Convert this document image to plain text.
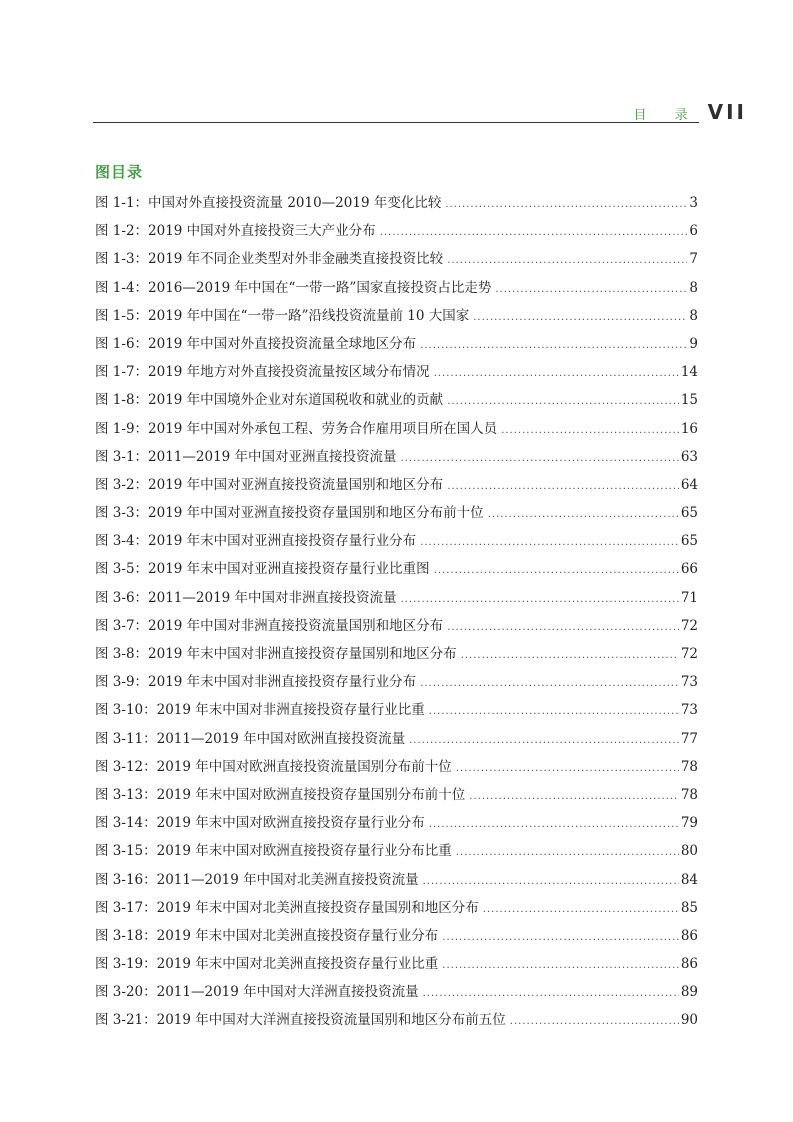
目 录 VII
图目录
图 1-1：中国对外直接投资流量 2010—2019 年变化比较 .....	3
图 1-2：2019 中国对外直接投资三大产业分布 .....	6
图 1-3：2019 年不同企业类型对外非金融类直接投资比较 .....	7
图 1-4：2016—2019 年中国在“一带一路”国家直接投资占比走势 .....	8
图 1-5：2019 年中国在“一带一路”沿线投资流量前 10 大国家 .....	8
图 1-6：2019 年中国对外直接投资流量全球地区分布 .....	9
图 1-7：2019 年地方对外直接投资流量按区域分布情况 .....	14
图 1-8：2019 年中国境外企业对东道国税收和就业的贡献 .....	15
图 1-9：2019 年中国对外承包工程、劳务合作雇用项目所在国人员 .....	16
图 3-1：2011—2019 年中国对亚洲直接投资流量 .....	63
图 3-2：2019 年中国对亚洲直接投资流量国别和地区分布 .....	64
图 3-3：2019 年中国对亚洲直接投资存量国别和地区分布前十位 .....	65
图 3-4：2019 年末中国对亚洲直接投资存量行业分布 .....	65
图 3-5：2019 年末中国对亚洲直接投资存量行业比重图 .....	66
图 3-6：2011—2019 年中国对非洲直接投资流量 .....	71
图 3-7：2019 年中国对非洲直接投资流量国别和地区分布 .....	72
图 3-8：2019 年末中国对非洲直接投资存量国别和地区分布 .....	72
图 3-9：2019 年末中国对非洲直接投资存量行业分布 .....	73
图 3-10：2019 年末中国对非洲直接投资存量行业比重 .....	73
图 3-11：2011—2019 年中国对欧洲直接投资流量 .....	77
图 3-12：2019 年中国对欧洲直接投资流量国别分布前十位 .....	78
图 3-13：2019 年末中国对欧洲直接投资存量国别分布前十位 .....	78
图 3-14：2019 年末中国对欧洲直接投资存量行业分布 .....	79
图 3-15：2019 年末中国对欧洲直接投资存量行业分布比重 .....	80
图 3-16：2011—2019 年中国对北美洲直接投资流量 .....	84
图 3-17：2019 年末中国对北美洲直接投资存量国别和地区分布 .....	85
图 3-18：2019 年末中国对北美洲直接投资存量行业分布 .....	86
图 3-19：2019 年末中国对北美洲直接投资存量行业比重 .....	86
图 3-20：2011—2019 年中国对大洋洲直接投资流量 .....	89
图 3-21：2019 年中国对大洋洲直接投资流量国别和地区分布前五位 .....	90
